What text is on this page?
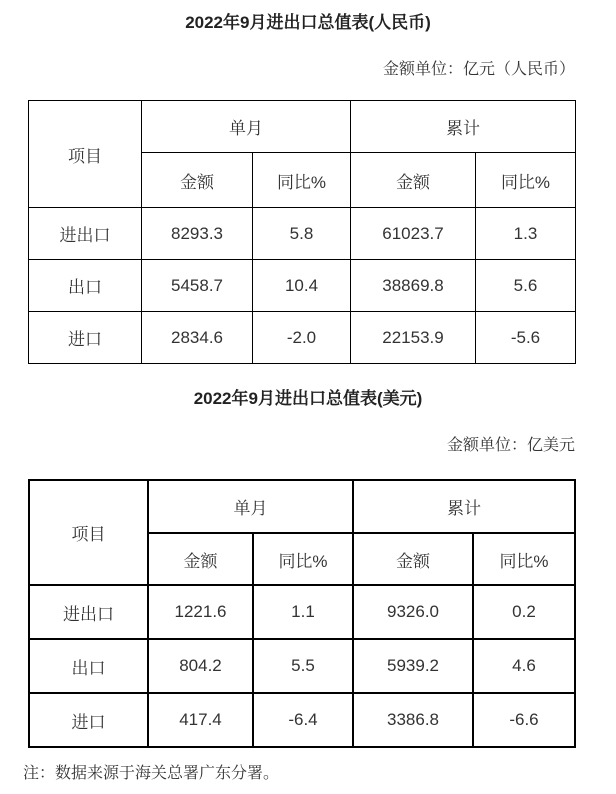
2022年9月进出口总值表(人民币)
金额单位：亿元（人民币）
项目	单月		累计	
	金额	同比%	金额	同比%
进出口	8293.3	5.8	61023.7	1.3
出口	5458.7	10.4	38869.8	5.6
进口	2834.6	-2.0	22153.9	-5.6
2022年9月进出口总值表(美元)
金额单位：亿美元
项目	单月		累计	
	金额	同比%	金额	同比%
进出口	1221.6	1.1	9326.0	0.2
出口	804.2	5.5	5939.2	4.6
进口	417.4	-6.4	3386.8	-6.6
注：数据来源于海关总署广东分署。
